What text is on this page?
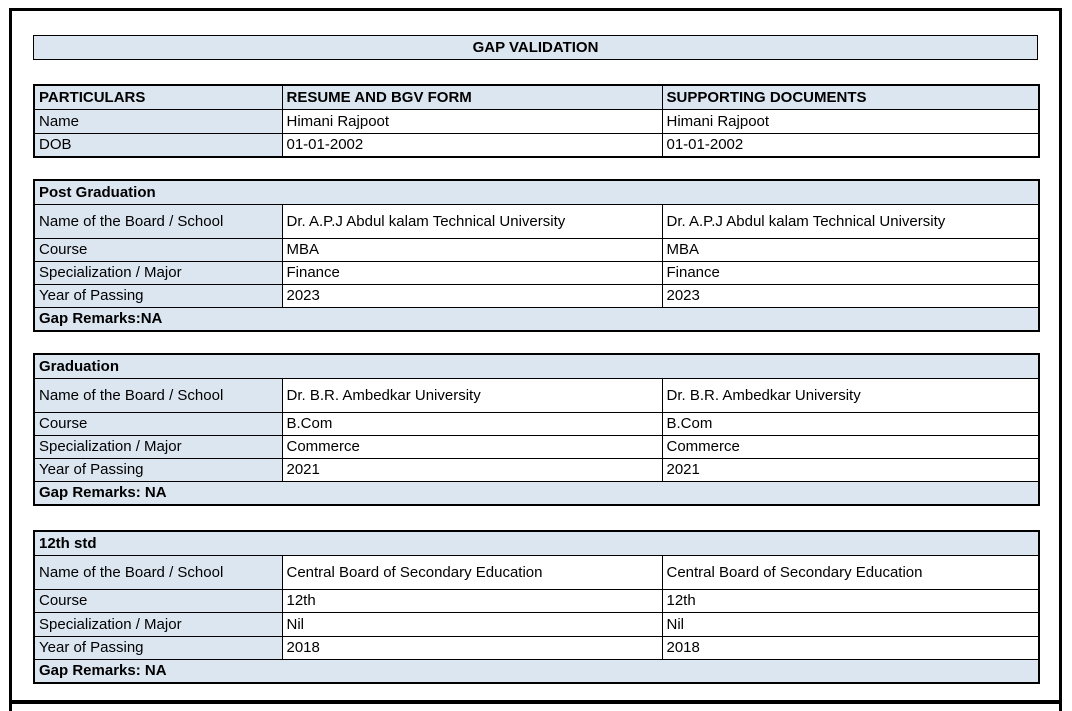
GAP VALIDATION
PARTICULARS	RESUME AND BGV FORM	SUPPORTING DOCUMENTS
Name	Himani Rajpoot	Himani Rajpoot
DOB	01-01-2002	01-01-2002
Post Graduation		
Name of the Board / School	Dr. A.P.J Abdul kalam Technical University	Dr. A.P.J Abdul kalam Technical University
Course	MBA	MBA
Specialization / Major	Finance	Finance
Year of Passing	2023	2023
Gap Remarks:NA		
Graduation		
Name of the Board / School	Dr. B.R. Ambedkar University	Dr. B.R. Ambedkar University
Course	B.Com	B.Com
Specialization / Major	Commerce	Commerce
Year of Passing	2021	2021
Gap Remarks: NA		
12th std		
Name of the Board / School	Central Board of Secondary Education	Central Board of Secondary Education
Course	12th	12th
Specialization / Major	Nil	Nil
Year of Passing	2018	2018
Gap Remarks: NA		
